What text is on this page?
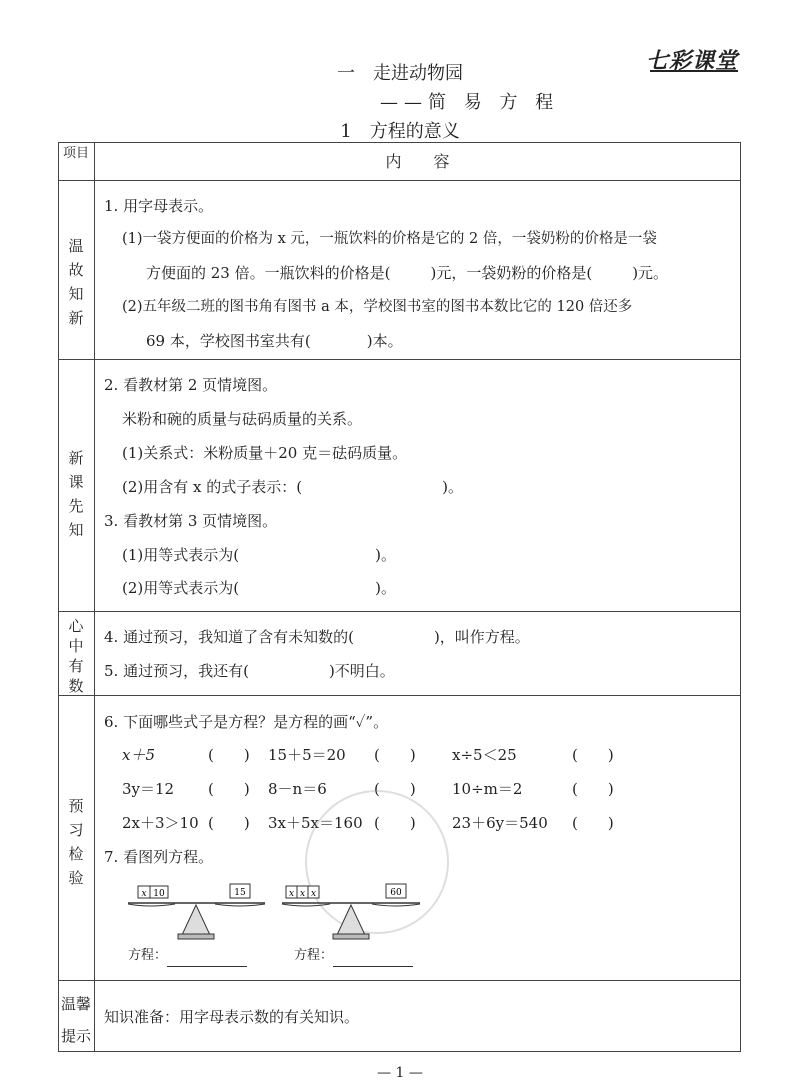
七彩课堂
一　走进动物园
——简 易 方 程
1　方程的意义
项目	内　　容
温
故
知
新
1. 用字母表示。
(1)一袋方便面的价格为 x 元，一瓶饮料的价格是它的 2 倍，一袋奶粉的价格是一袋
方便面的 23 倍。一瓶饮料的价格是(	)元，一袋奶粉的价格是(	)元。
(2)五年级二班的图书角有图书 a 本，学校图书室的图书本数比它的 120 倍还多
69 本，学校图书室共有(	)本。
新
课
先
知
2. 看教材第 2 页情境图。
米粉和碗的质量与砝码质量的关系。
(1)关系式：米粉质量＋20 克＝砝码质量。
(2)用含有 x 的式子表示：(	)。
3. 看教材第 3 页情境图。
(1)用等式表示为(	)。
(2)用等式表示为(	)。
心
中
有
数
4. 通过预习，我知道了含有未知数的(	)，叫作方程。
5. 通过预习，我还有(	)不明白。
预
习
检
验
6. 下面哪些式子是方程？是方程的画“✓”。
x＋5	(　　) 15＋5＝20 (　　) x÷5＜25	(　　)
3y＝12 (　　) 8－n＝6	(　　) 10÷m＝2	(　　)
2x＋3＞10 (　　) 3x＋5x＝160 (　　) 23＋6y＝540 (　　)
7. 看图列方程。
x 10	15	x x x	60
方程：	方程：
温馨
提示
知识准备：用字母表示数的有关知识。
— 1 —
